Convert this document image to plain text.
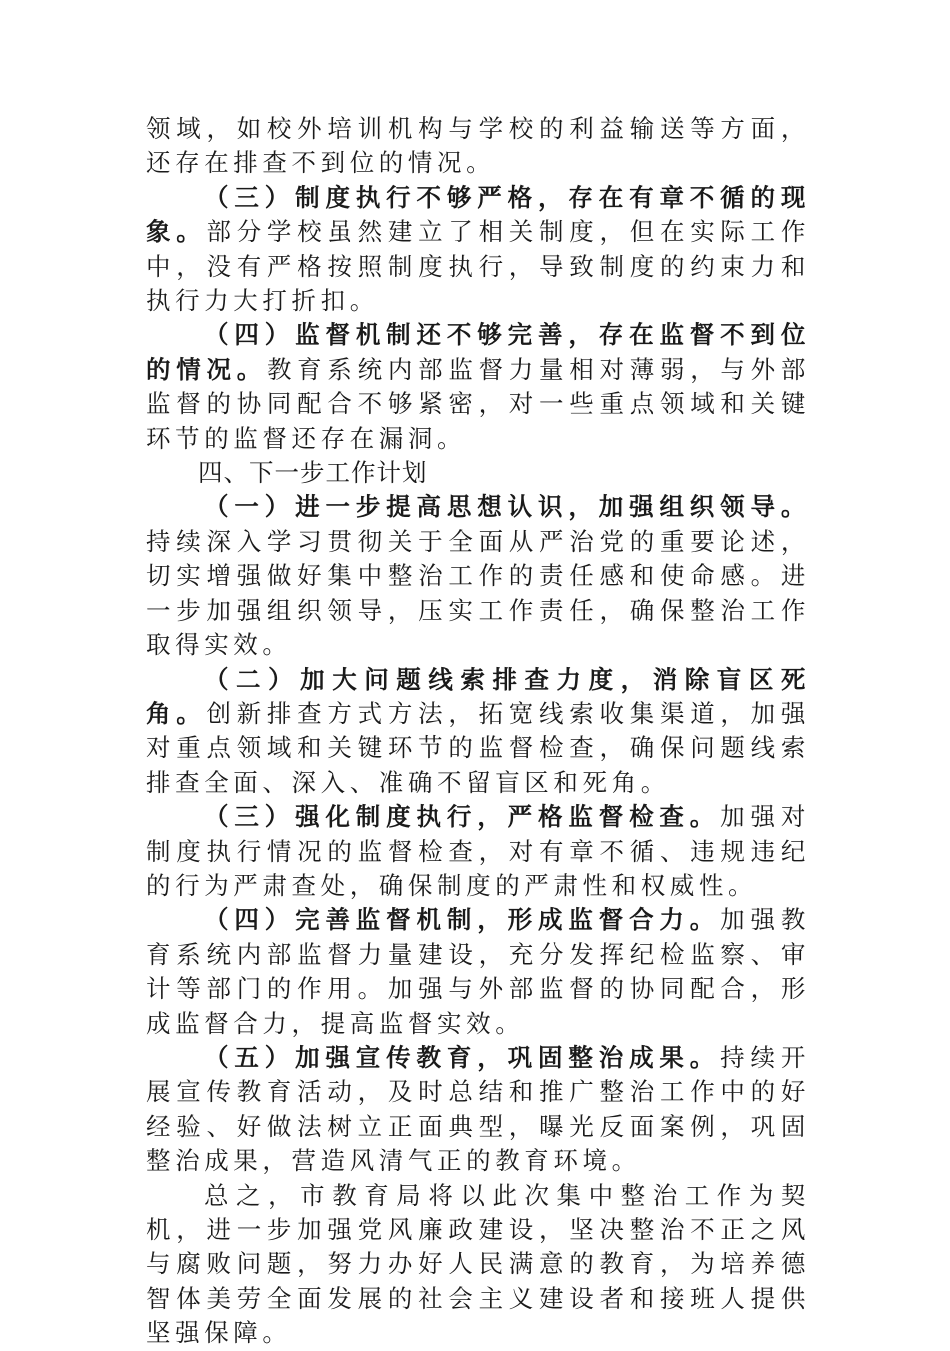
领域，如校外培训机构与学校的利益输送等方面，还存在排查不到位的情况。

（三）制度执行不够严格，存在有章不循的现象。部分学校虽然建立了相关制度，但在实际工作中，没有严格按照制度执行，导致制度的约束力和执行力大打折扣。

（四）监督机制还不够完善，存在监督不到位的情况。教育系统内部监督力量相对薄弱，与外部监督的协同配合不够紧密，对一些重点领域和关键环节的监督还存在漏洞。

四、下一步工作计划

（一）进一步提高思想认识，加强组织领导。持续深入学习贯彻关于全面从严治党的重要论述，切实增强做好集中整治工作的责任感和使命感。进一步加强组织领导，压实工作责任，确保整治工作取得实效。

（二）加大问题线索排查力度，消除盲区死角。创新排查方式方法，拓宽线索收集渠道，加强对重点领域和关键环节的监督检查，确保问题线索排查全面、深入、准确不留盲区和死角。

（三）强化制度执行，严格监督检查。加强对制度执行情况的监督检查，对有章不循、违规违纪的行为严肃查处，确保制度的严肃性和权威性。

（四）完善监督机制，形成监督合力。加强教育系统内部监督力量建设，充分发挥纪检监察、审计等部门的作用。加强与外部监督的协同配合，形成监督合力，提高监督实效。

（五）加强宣传教育，巩固整治成果。持续开展宣传教育活动，及时总结和推广整治工作中的好经验、好做法树立正面典型，曝光反面案例，巩固整治成果，营造风清气正的教育环境。

总之，市教育局将以此次集中整治工作为契机，进一步加强党风廉政建设，坚决整治不正之风与腐败问题，努力办好人民满意的教育，为培养德智体美劳全面发展的社会主义建设者和接班人提供坚强保障。
